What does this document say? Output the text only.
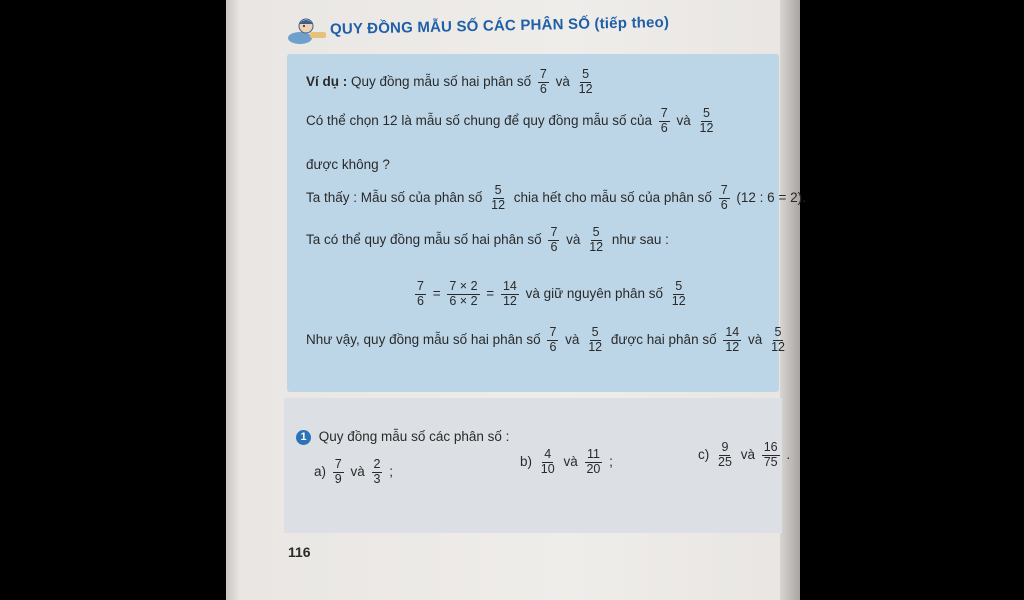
QUY ĐỒNG MẪU SỐ CÁC PHÂN SỐ (tiếp theo)
Ví dụ : Quy đồng mẫu số hai phân số $\frac{7}{6}$ và $\frac{5}{12}$
Có thể chọn 12 là mẫu số chung để quy đồng mẫu số của $\frac{7}{6}$ và $\frac{5}{12}$
được không ?
Ta thấy : Mẫu số của phân số $\frac{5}{12}$ chia hết cho mẫu số của phân số $\frac{7}{6} (12$ : 6 = 2).
Ta có thể quy đồng mẫu số hai phân số $\frac{7}{6}$ và $\frac{5}{12}$ như sau :
$\frac{7}{6} = \frac{7 \times 2}{6 \times 2} = \frac{14}{12}$ và giữ nguyên phân số $\frac{5}{12}$
Như vậy, quy đồng mẫu số hai phân số $\frac{7}{6}$ và $\frac{5}{12}$ được hai phân số $\frac{14}{12}$ và $\frac{5}{12}$
1 Quy đồng mẫu số các phân số :
$a) \frac{7}{9}$ và $\frac{2}{3}$ ;
$b) \frac{4}{10}$ và $\frac{11}{20}$ ;	$c) \frac{9}{25}$ và $\frac{16}{75}$ .
116
